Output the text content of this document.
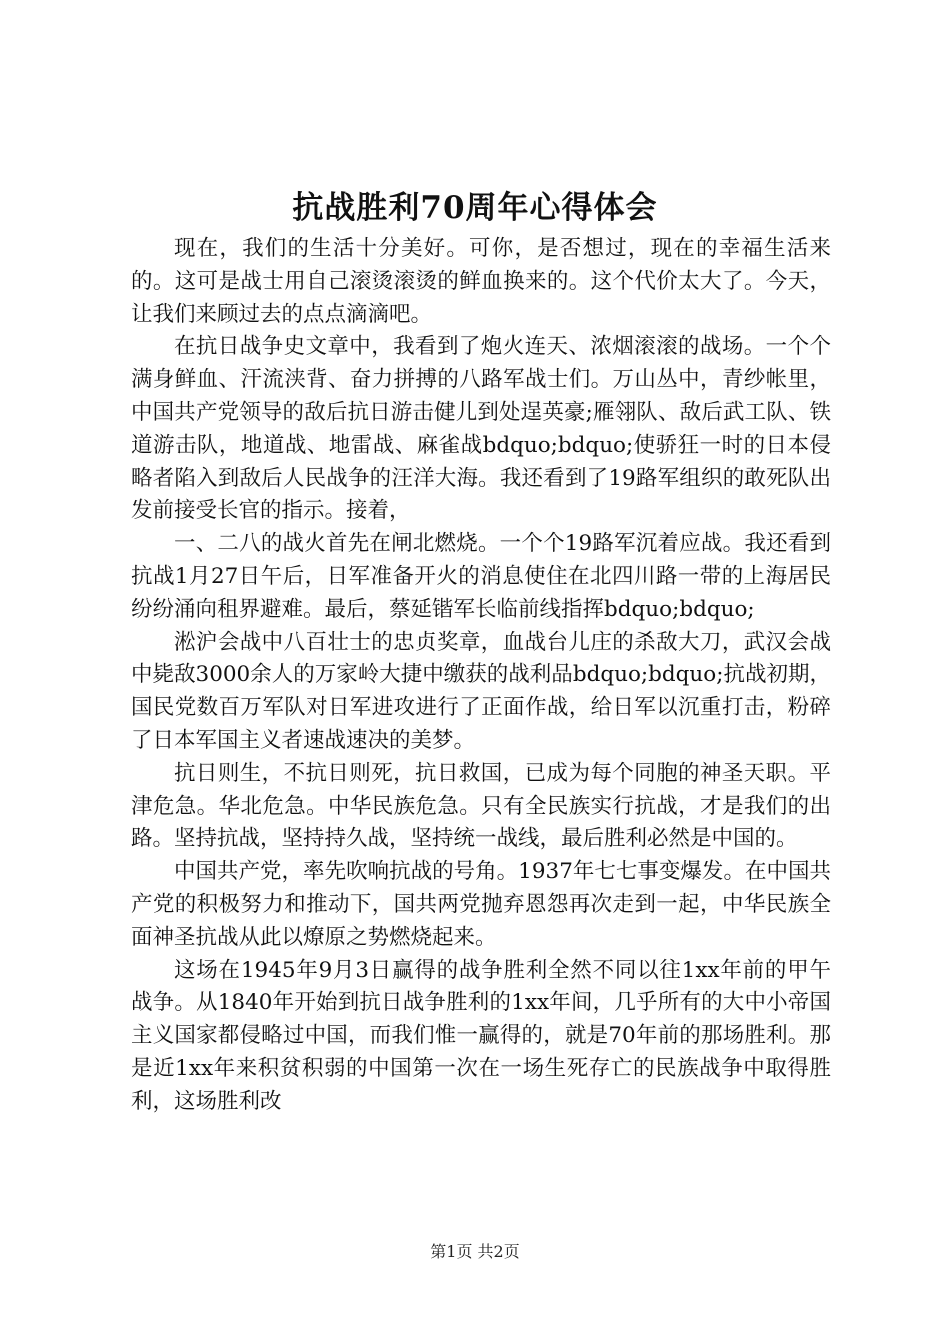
抗战胜利70周年心得体会

现在，我们的生活十分美好。可你，是否想过，现在的幸福生活来的。这可是战士用自己滚烫滚烫的鲜血换来的。这个代价太大了。今天，让我们来顾过去的点点滴滴吧。

在抗日战争史文章中，我看到了炮火连天、浓烟滚滚的战场。一个个满身鲜血、汗流浃背、奋力拼搏的八路军战士们。万山丛中，青纱帐里，中国共产党领导的敌后抗日游击健儿到处逞英豪;雁翎队、敌后武工队、铁道游击队，地道战、地雷战、麻雀战bdquo;bdquo;使骄狂一时的日本侵略者陷入到敌后人民战争的汪洋大海。我还看到了19路军组织的敢死队出发前接受长官的指示。接着，

一、二八的战火首先在闸北燃烧。一个个19路军沉着应战。我还看到抗战1月27日午后，日军准备开火的消息使住在北四川路一带的上海居民纷纷涌向租界避难。最后，蔡延锴军长临前线指挥bdquo;bdquo;

淞沪会战中八百壮士的忠贞奖章，血战台儿庄的杀敌大刀，武汉会战中毙敌3000余人的万家岭大捷中缴获的战利品bdquo;bdquo;抗战初期，国民党数百万军队对日军进攻进行了正面作战，给日军以沉重打击，粉碎了日本军国主义者速战速决的美梦。

抗日则生，不抗日则死，抗日救国，已成为每个同胞的神圣天职。平津危急。华北危急。中华民族危急。只有全民族实行抗战，才是我们的出路。坚持抗战，坚持持久战，坚持统一战线，最后胜利必然是中国的。

中国共产党，率先吹响抗战的号角。1937年七七事变爆发。在中国共产党的积极努力和推动下，国共两党抛弃恩怨再次走到一起，中华民族全面神圣抗战从此以燎原之势燃烧起来。

这场在1945年9月3日赢得的战争胜利全然不同以往1xx年前的甲午战争。从1840年开始到抗日战争胜利的1xx年间，几乎所有的大中小帝国主义国家都侵略过中国，而我们惟一赢得的，就是70年前的那场胜利。那是近1xx年来积贫积弱的中国第一次在一场生死存亡的民族战争中取得胜利，这场胜利改

第1页 共2页
